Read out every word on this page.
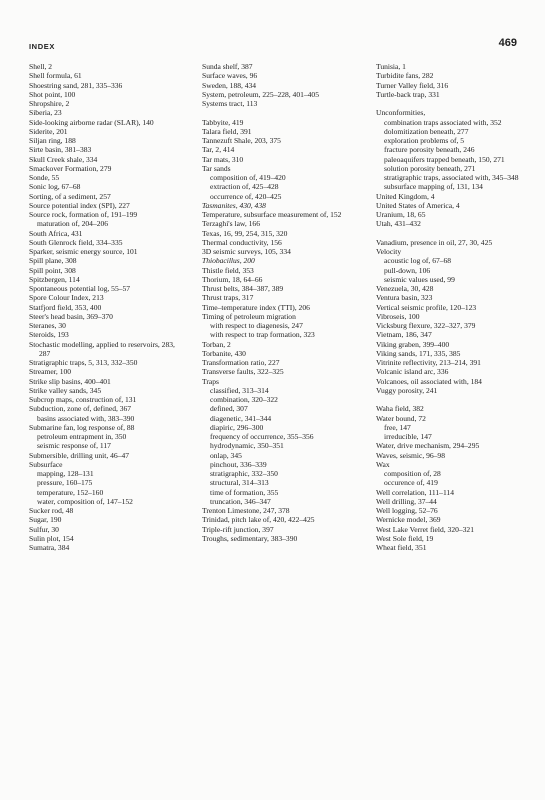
INDEX	469
Shell, 2
Shell formula, 61
Shoestring sand, 281, 335–336
Shot point, 100
Shropshire, 2
Siberia, 23
Side-looking airborne radar (SLAR), 140
Siderite, 201
Siljan ring, 188
Sirte basin, 381–383
Skull Creek shale, 334
Smackover Formation, 279
Sonde, 55
Sonic log, 67–68
Sorting, of a sediment, 257
Source potential index (SPI), 227
Source rock, formation of, 191–199
maturation of, 204–206
South Africa, 431
South Glenrock field, 334–335
Sparker, seismic energy source, 101
Spill plane, 308
Spill point, 308
Spitzbergen, 114
Spontaneous potential log, 55–57
Spore Colour Index, 213
Statfjord field, 353, 400
Steer's head basin, 369–370
Steranes, 30
Steroids, 193
Stochastic modelling, applied to reservoirs, 283, 287
Stratigraphic traps, 5, 313, 332–350
Streamer, 100
Strike slip basins, 400–401
Strike valley sands, 345
Subcrop maps, construction of, 131
Subduction, zone of, defined, 367
basins associated with, 383–390
Submarine fan, log response of, 88
petroleum entrapment in, 350
seismic response of, 117
Submersible, drilling unit, 46–47
Subsurface
mapping, 128–131
pressure, 160–175
temperature, 152–160
water, composition of, 147–152
Sucker rod, 48
Sugar, 190
Sulfur, 30
Sulin plot, 154
Sumatra, 384
Sunda shelf, 387
Surface waves, 96
Sweden, 188, 434
System, petroleum, 225–228, 401–405
Systems tract, 113
Tabbyite, 419
Talara field, 391
Tannezuft Shale, 203, 375
Tar, 2, 414
Tar mats, 310
Tar sands
composition of, 419–420
extraction of, 425–428
occurrence of, 420–425
Tasmanites, 430, 438
Temperature, subsurface measurement of, 152
Terzaghi's law, 166
Texas, 16, 99, 254, 315, 320
Thermal conductivity, 156
3D seismic surveys, 105, 334
Thiobacillus, 200
Thistle field, 353
Thorium, 18, 64–66
Thrust belts, 384–387, 389
Thrust traps, 317
Time–temperature index (TTI), 206
Timing of petroleum migration
with respect to diagenesis, 247
with respect to trap formation, 323
Torban, 2
Torbanite, 430
Transformation ratio, 227
Transverse faults, 322–325
Traps
classified, 313–314
combination, 320–322
defined, 307
diagenetic, 341–344
diapiric, 296–300
frequency of occurrence, 355–356
hydrodynamic, 350–351
onlap, 345
pinchout, 336–339
stratigraphic, 332–350
structural, 314–313
time of formation, 355
truncation, 346–347
Trenton Limestone, 247, 378
Trinidad, pitch lake of, 420, 422–425
Triple-rift junction, 397
Troughs, sedimentary, 383–390
Tunisia, 1
Turbidite fans, 282
Turner Valley field, 316
Turtle-back trap, 331
Unconformities,
combination traps associated with, 352
dolomitization beneath, 277
exploration problems of, 5
fracture porosity beneath, 246
paleoaquifers trapped beneath, 150, 271
solution porosity beneath, 271
stratigraphic traps, associated with, 345–348
subsurface mapping of, 131, 134
United Kingdom, 4
United States of America, 4
Uranium, 18, 65
Utah, 431–432
Vanadium, presence in oil, 27, 30, 425
Velocity
acoustic log of, 67–68
pull-down, 106
seismic values used, 99
Venezuela, 30, 428
Ventura basin, 323
Vertical seismic profile, 120–123
Vibroseis, 100
Vicksburg flexure, 322–327, 379
Vietnam, 186, 347
Viking graben, 399–400
Viking sands, 171, 335, 385
Vitrinite reflectivity, 213–214, 391
Volcanic island arc, 336
Volcanoes, oil associated with, 184
Vuggy porosity, 241
Waha field, 382
Water bound, 72
free, 147
irreducible, 147
Water, drive mechanism, 294–295
Waves, seismic, 96–98
Wax
composition of, 28
occurence of, 419
Well correlation, 111–114
Well drilling, 37–44
Well logging, 52–76
Wernicke model, 369
West Lake Verret field, 320–321
West Sole field, 19
Wheat field, 351
